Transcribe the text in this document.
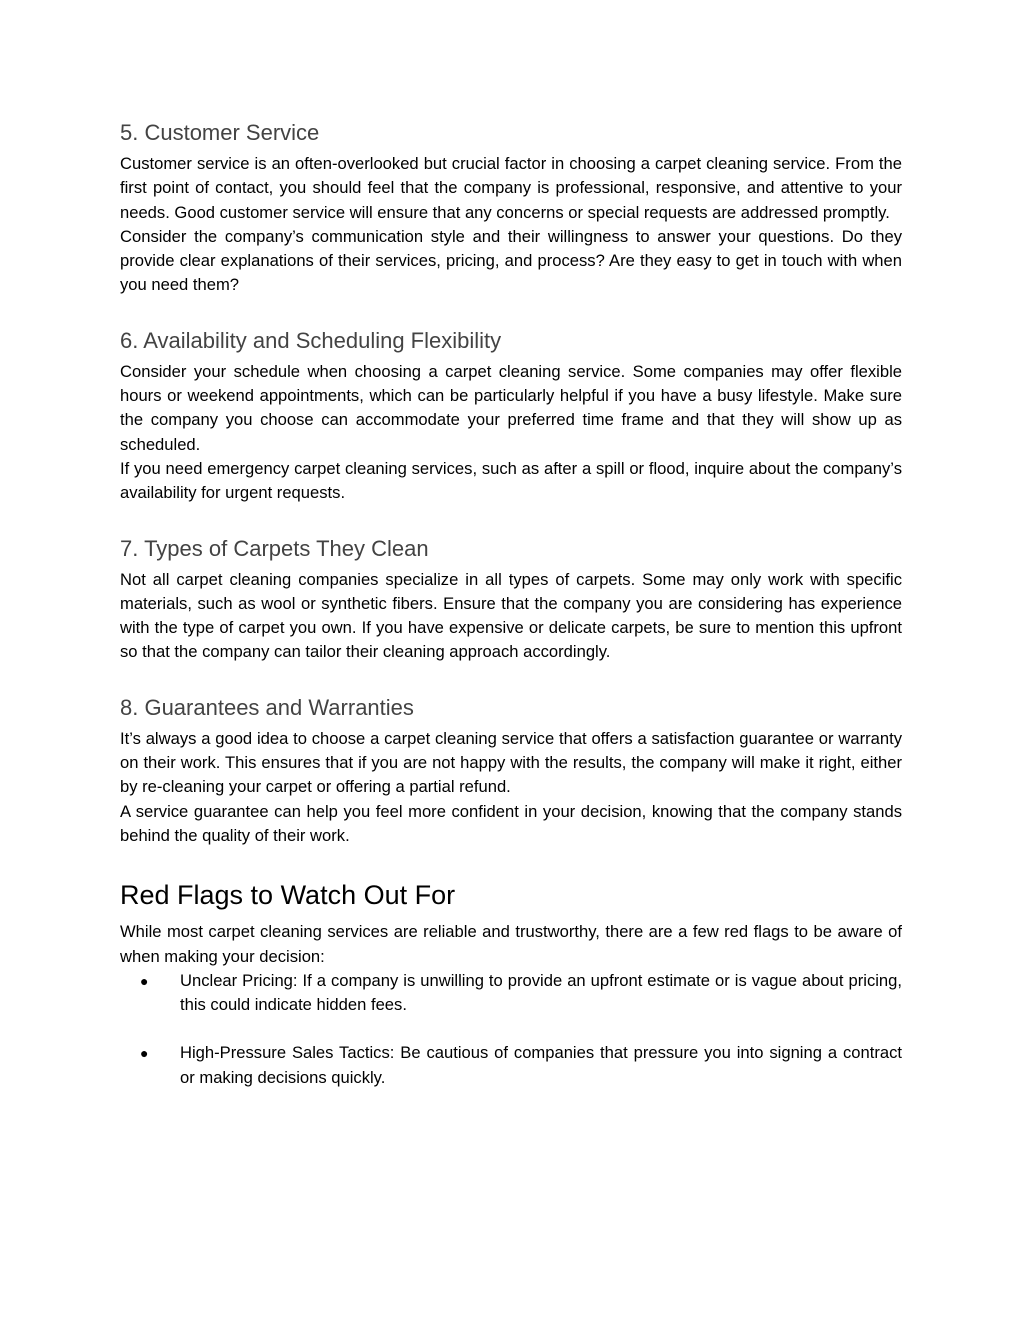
5. Customer Service

Customer service is an often-overlooked but crucial factor in choosing a carpet cleaning service. From the first point of contact, you should feel that the company is professional, responsive, and attentive to your needs. Good customer service will ensure that any concerns or special requests are addressed promptly.

Consider the company’s communication style and their willingness to answer your questions. Do they provide clear explanations of their services, pricing, and process? Are they easy to get in touch with when you need them?

6. Availability and Scheduling Flexibility

Consider your schedule when choosing a carpet cleaning service. Some companies may offer flexible hours or weekend appointments, which can be particularly helpful if you have a busy lifestyle. Make sure the company you choose can accommodate your preferred time frame and that they will show up as scheduled.

If you need emergency carpet cleaning services, such as after a spill or flood, inquire about the company’s availability for urgent requests.

7. Types of Carpets They Clean

Not all carpet cleaning companies specialize in all types of carpets. Some may only work with specific materials, such as wool or synthetic fibers. Ensure that the company you are considering has experience with the type of carpet you own. If you have expensive or delicate carpets, be sure to mention this upfront so that the company can tailor their cleaning approach accordingly.

8. Guarantees and Warranties

It’s always a good idea to choose a carpet cleaning service that offers a satisfaction guarantee or warranty on their work. This ensures that if you are not happy with the results, the company will make it right, either by re-cleaning your carpet or offering a partial refund.

A service guarantee can help you feel more confident in your decision, knowing that the company stands behind the quality of their work.

Red Flags to Watch Out For

While most carpet cleaning services are reliable and trustworthy, there are a few red flags to be aware of when making your decision:

● Unclear Pricing: If a company is unwilling to provide an upfront estimate or is vague about pricing, this could indicate hidden fees.
● High-Pressure Sales Tactics: Be cautious of companies that pressure you into signing a contract or making decisions quickly.
